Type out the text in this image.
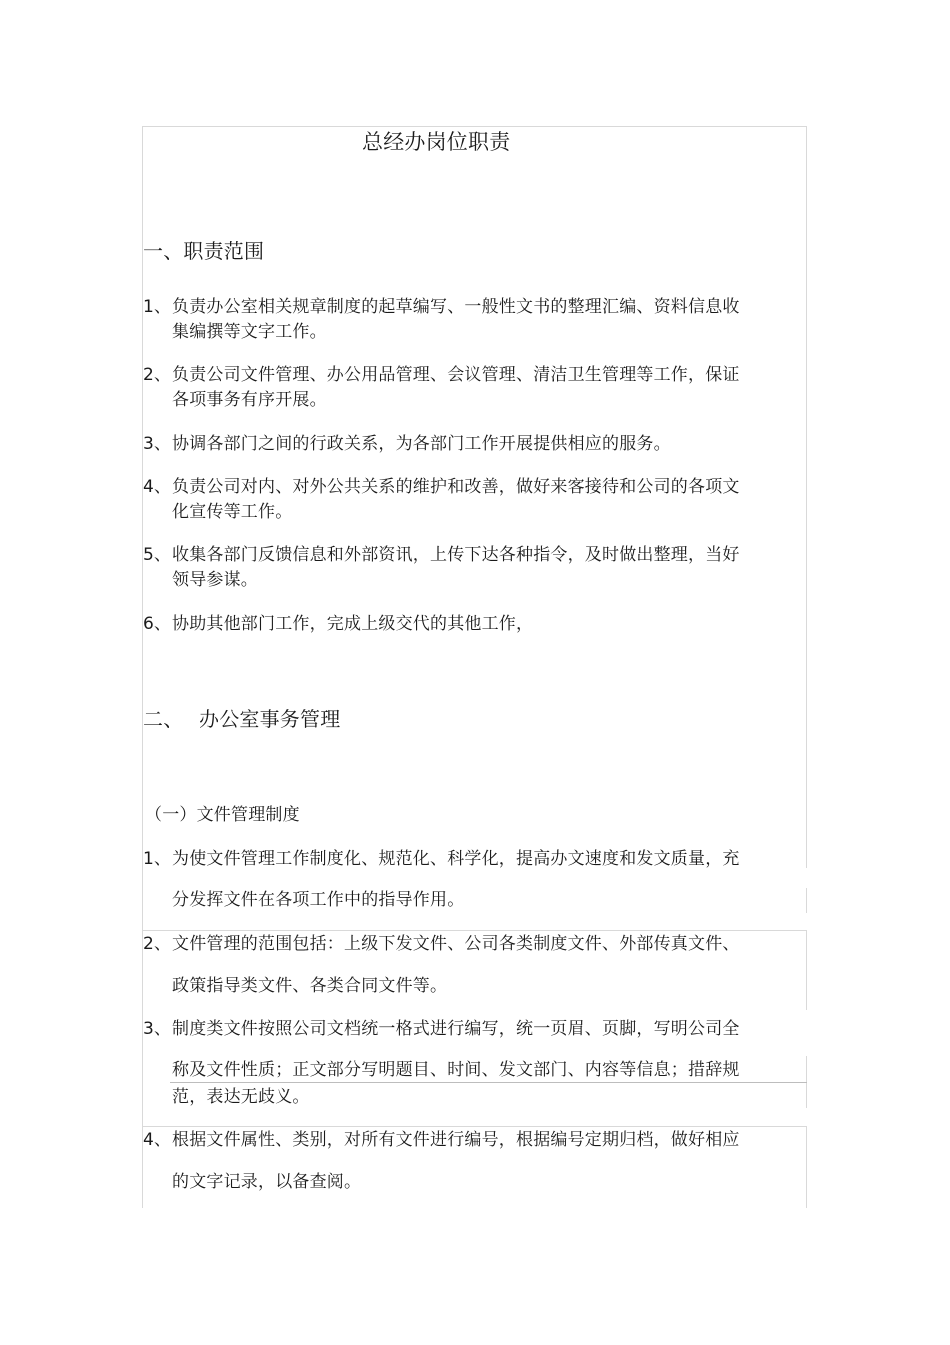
总经办岗位职责
一、职责范围
1、 负责办公室相关规章制度的起草编写、一般性文书的整理汇编、资料信息收
集编撰等文字工作。
2、 负责公司文件管理、办公用品管理、会议管理、清洁卫生管理等工作，保证
各项事务有序开展。
3、 协调各部门之间的行政关系，为各部门工作开展提供相应的服务。
4、 负责公司对内、对外公共关系的维护和改善，做好来客接待和公司的各项文
化宣传等工作。
5、 收集各部门反馈信息和外部资讯，上传下达各种指令，及时做出整理，当好
领导参谋。
6、 协助其他部门工作，完成上级交代的其他工作，
二、 办公室事务管理
（一）文件管理制度
1、 为使文件管理工作制度化、规范化、科学化，提高办文速度和发文质量，充
分发挥文件在各项工作中的指导作用。
2、 文件管理的范围包括：上级下发文件、公司各类制度文件、外部传真文件、
政策指导类文件、各类合同文件等。
3、 制度类文件按照公司文档统一格式进行编写，统一页眉、页脚，写明公司全
称及文件性质；正文部分写明题目、时间、发文部门、内容等信息；措辞规
范，表达无歧义。
4、 根据文件属性、类别，对所有文件进行编号，根据编号定期归档，做好相应
的文字记录，以备查阅。
